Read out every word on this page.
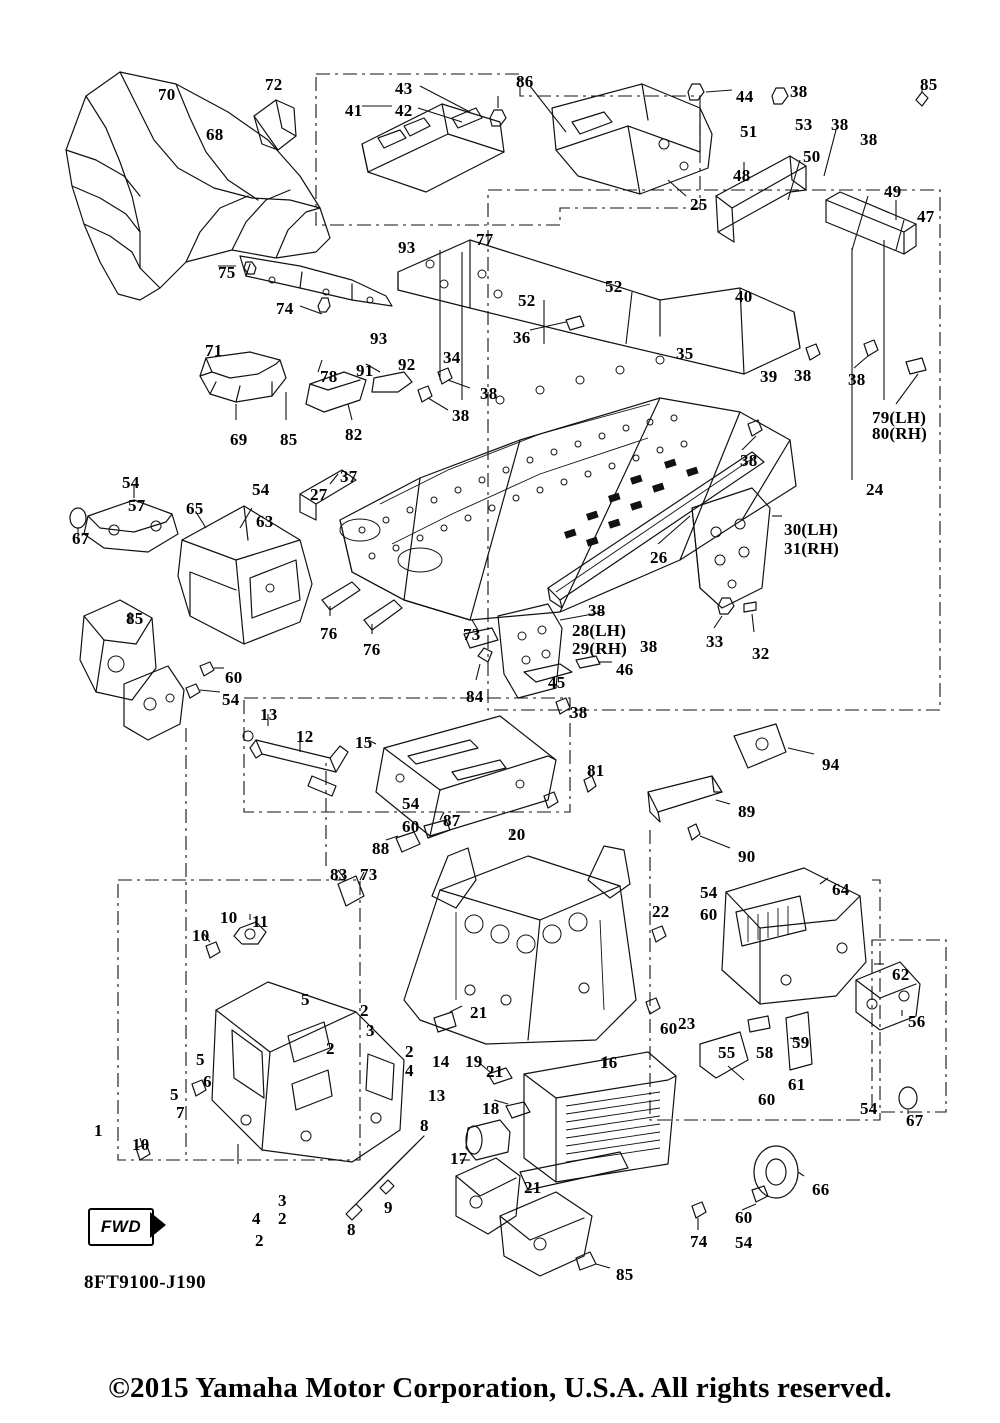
70
72
68
43
41 42
86
44 38	85
51 53 38
38
50
48
49
47
25
93	77
75
74	52
52
40
93	36
35
39 38 38
71
78 91 92 34
38
38
82
69 85
79(LH)
80(RH)
38
24
54
57 65
54
63
67
37
27
26
30(LH)
31(RH)
76
76
85
60
54
73
38
28(LH)
29(RH) 38	33
32
84
45
46
38
13
12 15
81	94
89
54
60 87
20
90
88
83 73
22
54
60
64
10 11
10
62
5
2
3
21
23	56
60
2
4 14
59
58
55
5
2
19	16
21
6
5
7
13
18
61
60	54
67
17
1
10
8
9
8
21	66
60
54
74
3
4 2
2
85
FWD
8FT9100-J190
©2015 Yamaha Motor Corporation, U.S.A. All rights reserved.
